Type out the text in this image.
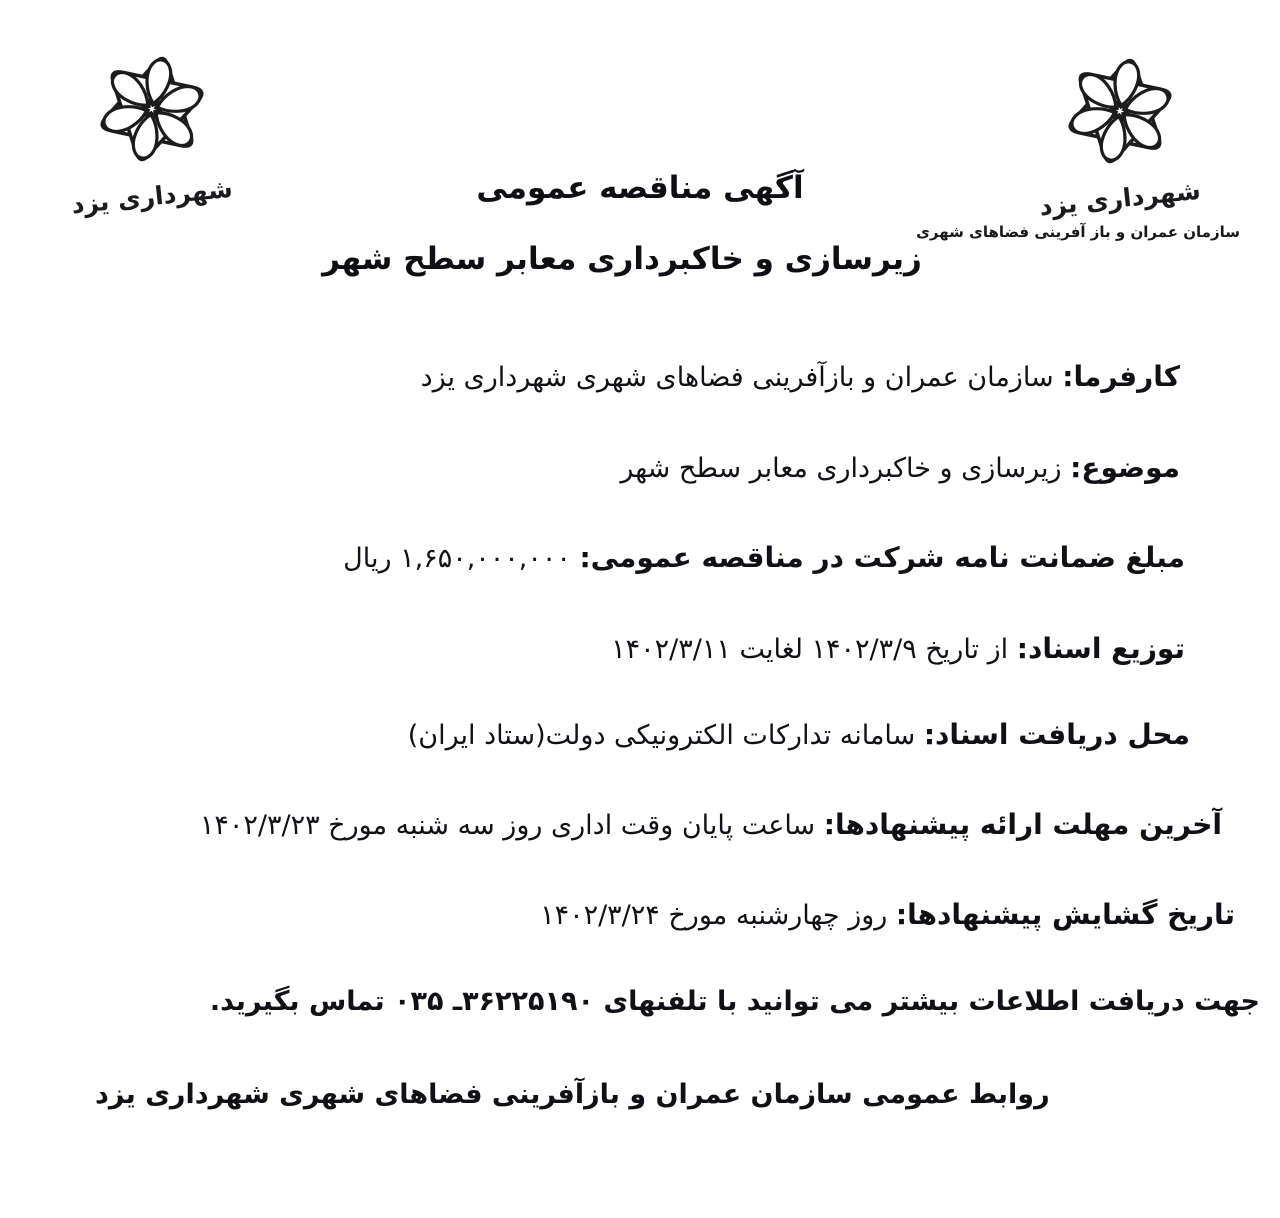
شهرداری یزد	شهرداری یزد
سازمان عمران و باز آفرینی فضاهای شهری
آگهی مناقصه عمومی
زیرسازی و خاکبرداری معابر سطح شهر
کارفرما: سازمان عمران و بازآفرینی فضاهای شهری شهرداری یزد
موضوع: زیرسازی و خاکبرداری معابر سطح شهر
مبلغ ضمانت نامه شرکت در مناقصه عمومی: ۱,۶۵۰,۰۰۰,۰۰۰ ریال
توزیع اسناد: از تاریخ ۱۴۰۲/۳/۹ لغایت ۱۴۰۲/۳/۱۱
محل دریافت اسناد: سامانه تدارکات الکترونیکی دولت(ستاد ایران)
آخرین مهلت ارائه پیشنهادها: ساعت پایان وقت اداری روز سه شنبه مورخ ۱۴۰۲/۳/۲۳
تاریخ گشایش پیشنهادها: روز چهارشنبه مورخ ۱۴۰۲/۳/۲۴
جهت دریافت اطلاعات بیشتر می توانید با تلفنهای ۳۶۲۲۵۱۹۰ـ ۰۳۵ تماس بگیرید.
روابط عمومی سازمان عمران و بازآفرینی فضاهای شهری شهرداری یزد
